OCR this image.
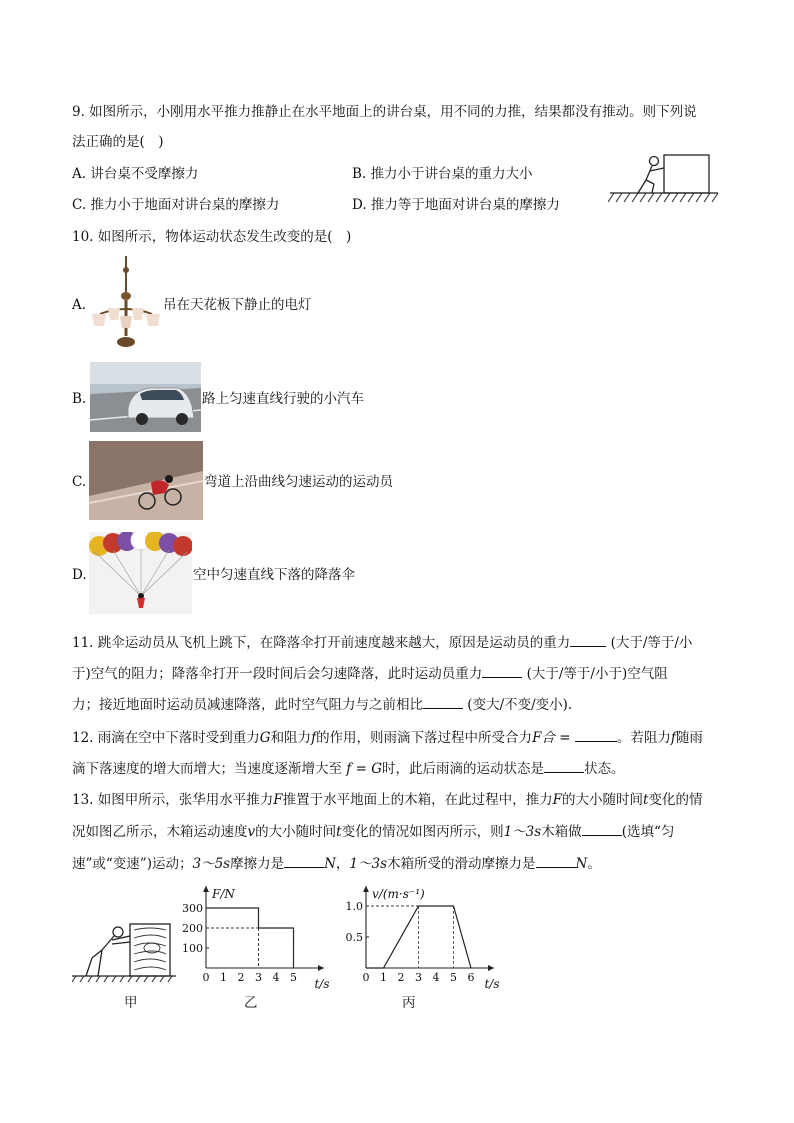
9. 如图所示，小刚用水平推力推静止在水平地面上的讲台桌，用不同的力推，结果都没有推动。则下列说
法正确的是(　)
A. 讲台桌不受摩擦力	B. 推力小于讲台桌的重力大小
C. 推力小于地面对讲台桌的摩擦力	D. 推力等于地面对讲台桌的摩擦力
10. 如图所示，物体运动状态发生改变的是(　)
A.	吊在天花板下静止的电灯
B.	路上匀速直线行驶的小汽车
C.	弯道上沿曲线匀速运动的运动员
D.	空中匀速直线下落的降落伞
11. 跳伞运动员从飞机上跳下，在降落伞打开前速度越来越大，原因是运动员的重力	(大于/等于/小
于)空气的阻力；降落伞打开一段时间后会匀速降落，此时运动员重力	(大于/等于/小于)空气阻
力；接近地面时运动员减速降落，此时空气阻力与之前相比	(变大/不变/变小).
12. 雨滴在空中下落时受到重力G和阻力f的作用，则雨滴下落过程中所受合力F合 =	。若阻力f随雨
滴下落速度的增大而增大；当速度逐渐增大至 f = G时，此后雨滴的运动状态是	状态。
13. 如图甲所示，张华用水平推力F推置于水平地面上的木箱，在此过程中，推力F的大小随时间t变化的情
况如图乙所示，木箱运动速度v的大小随时间t变化的情况如图丙所示，则1～3s木箱做	(选填“匀
速”或“变速”)运动；3～5s摩擦力是	N，1～3s木箱所受的滑动摩擦力是	N。
甲
0 1 2 3 4 5
100
200
300
t/s
F/N
乙
0 1 2 3 4 5 6
0.5
1.0
t/s
v/(m·s⁻¹)
丙
